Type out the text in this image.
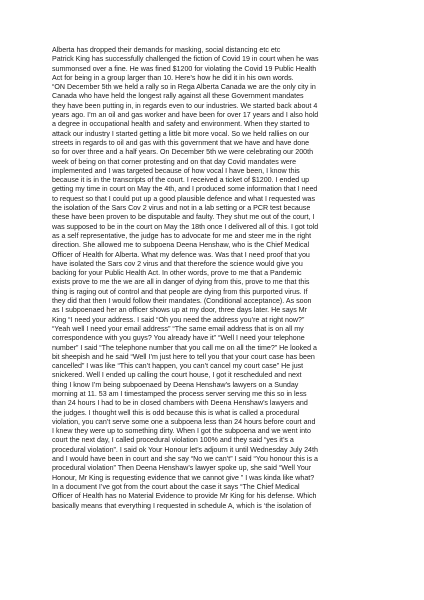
Alberta has dropped their demands for masking, social distancing etc etc

Patrick King has successfully challenged the fiction of Covid 19 in court when he was
summonsed over a fine. He was fined $1200 for violating the Covid 19 Public Health
Act for being in a group larger than 10. Here’s how he did it in his own words.
“ON December 5th we held a rally so in Rega Alberta Canada we are the only city in
Canada who have held the longest rally against all these Government mandates
they have been putting in, in regards even to our industries. We started back about 4
years ago. I’m an oil and gas worker and have been for over 17 years and I also hold
a degree in occupational health and safety and environment. When they started to
attack our industry I started getting a little bit more vocal. So we held rallies on our
streets in regards to oil and gas with this government that we have and have done
so for over three and a half years. On December 5th we were celebrating our 200th
week of being on that corner protesting and on that day Covid mandates were
implemented and I was targeted because of how vocal I have been, I know this
because it is in the transcripts of the court. I received a ticket of $1200. I ended up
getting my time in court on May the 4th, and I produced some information that I need
to request so that I could put up a good plausible defence and what I requested was
the isolation of the Sars Cov 2 virus and not in a lab setting or a PCR test because
these have been proven to be disputable and faulty. They shut me out of the court, I
was supposed to be in the court on May the 18th once I delivered all of this. I got told
as a self representative, the judge has to advocate for me and steer me in the right
direction. She allowed me to subpoena Deena Henshaw, who is the Chief Medical
Officer of Health for Alberta. What my defence was. Was that I need proof that you
have isolated the Sars cov 2 virus and that therefore the science would give you
backing for your Public Health Act. In other words, prove to me that a Pandemic
exists prove to me the we are all in danger of dying from this, prove to me that this
thing is raging out of control and that people are dying from this purported virus. If
they did that then I would follow their mandates. (Conditional acceptance). As soon
as I subpoenaed her an officer shows up at my door, three days later. He says Mr
King “I need your address. I said “Oh you need the address you’re at right now?”
“Yeah well I need your email address” “The same email address that is on all my
correspondence with you guys? You already have it” “Well I need your telephone
number” I said “The telephone number that you call me on all the time?” He looked a
bit sheepish and he said “Well I’m just here to tell you that your court case has been
cancelled” I was like “This can’t happen, you can’t cancel my court case” He just
snickered. Well I ended up calling the court house, I got it rescheduled and next
thing I know I’m being subpoenaed by Deena Henshaw’s lawyers on a Sunday
morning at 11. 53 am I timestamped the process server serving me this so in less
than 24 hours I had to be in closed chambers with Deena Henshaw’s lawyers and
the judges. I thought well this is odd because this is what is called a procedural
violation, you can’t serve some one a subpoena less than 24 hours before court and
I knew they were up to something dirty. When I got the subpoena and we went into
court the next day, I called procedural violation 100% and they said “yes it’s a
procedural violation”. I said ok Your Honour let’s adjourn it until Wednesday July 24th
and I would have been in court and she say “No we can’t” I said “You honour this is a
procedural violation” Then Deena Henshaw’s lawyer spoke up, she said “Well Your
Honour, Mr King is requesting evidence that we cannot give ” I was kinda like what?
In a document I’ve got from the court about the case it says “The Chief Medical
Officer of Health has no Material Evidence to provide Mr King for his defense. Which
basically means that everything I requested in schedule A, which is ‘the isolation of
